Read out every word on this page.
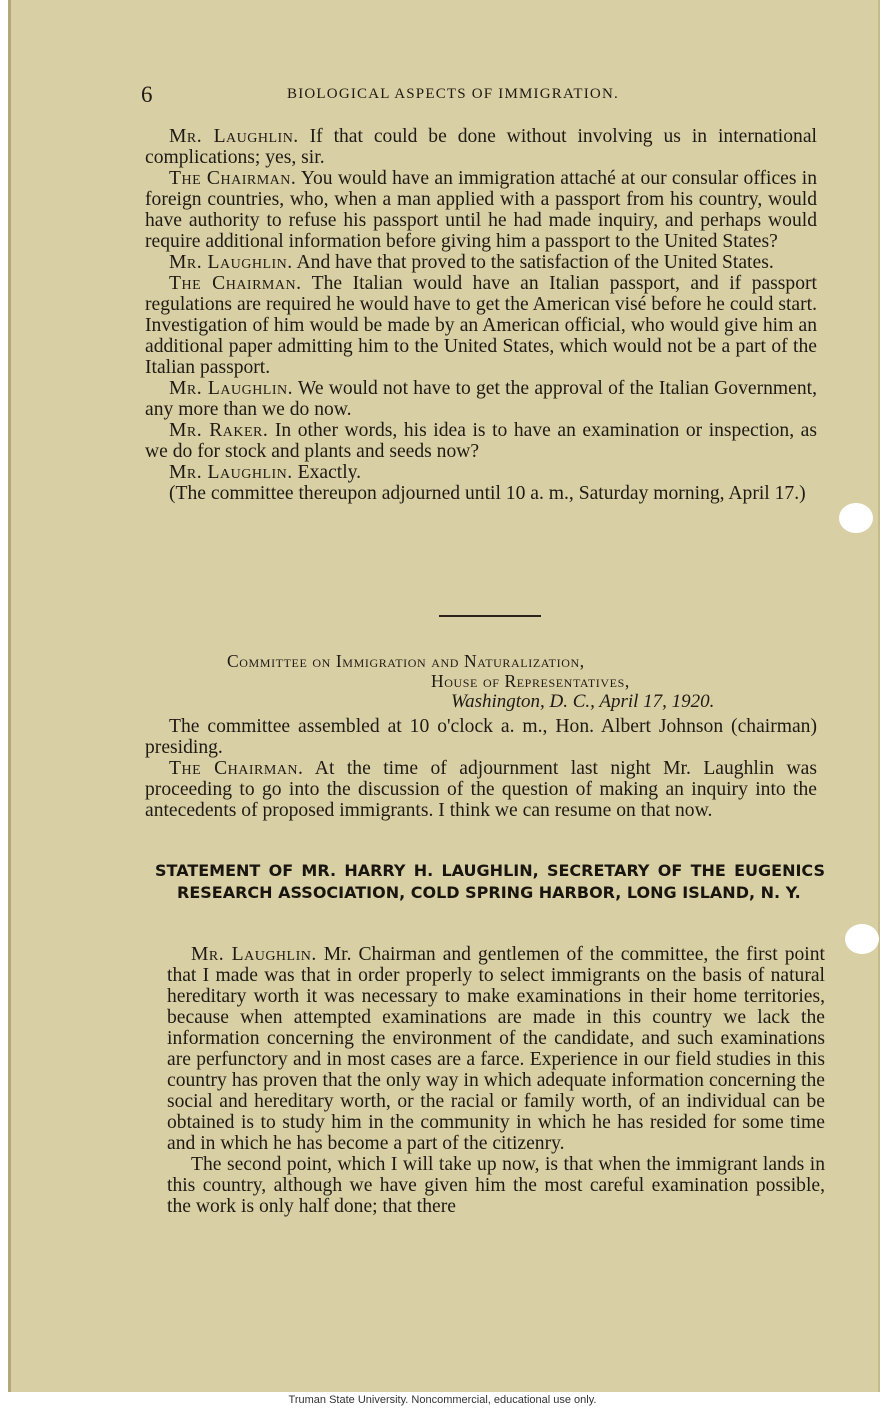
6	BIOLOGICAL ASPECTS OF IMMIGRATION.

Mr. Laughlin. If that could be done without involving us in international complications; yes, sir.

The Chairman. You would have an immigration attaché at our consular offices in foreign countries, who, when a man applied with a passport from his country, would have authority to refuse his passport until he had made inquiry, and perhaps would require additional information before giving him a passport to the United States?

Mr. Laughlin. And have that proved to the satisfaction of the United States.

The Chairman. The Italian would have an Italian passport, and if passport regulations are required he would have to get the American visé before he could start. Investigation of him would be made by an American official, who would give him an additional paper admitting him to the United States, which would not be a part of the Italian passport.

Mr. Laughlin. We would not have to get the approval of the Italian Government, any more than we do now.

Mr. Raker. In other words, his idea is to have an examination or inspection, as we do for stock and plants and seeds now?

Mr. Laughlin. Exactly.

(The committee thereupon adjourned until 10 a. m., Saturday morning, April 17.)

Committee on Immigration and Naturalization,
House of Representatives,
Washington, D. C., April 17, 1920.

The committee assembled at 10 o'clock a. m., Hon. Albert Johnson (chairman) presiding.

The Chairman. At the time of adjournment last night Mr. Laughlin was proceeding to go into the discussion of the question of making an inquiry into the antecedents of proposed immigrants. I think we can resume on that now.

STATEMENT OF MR. HARRY H. LAUGHLIN, SECRETARY OF THE EUGENICS RESEARCH ASSOCIATION, COLD SPRING HARBOR, LONG ISLAND, N. Y.

Mr. Laughlin. Mr. Chairman and gentlemen of the committee, the first point that I made was that in order properly to select immigrants on the basis of natural hereditary worth it was necessary to make examinations in their home territories, because when attempted examinations are made in this country we lack the information concerning the environment of the candidate, and such examinations are perfunctory and in most cases are a farce. Experience in our field studies in this country has proven that the only way in which adequate information concerning the social and hereditary worth, or the racial or family worth, of an individual can be obtained is to study him in the community in which he has resided for some time and in which he has become a part of the citizenry.

The second point, which I will take up now, is that when the immigrant lands in this country, although we have given him the most careful examination possible, the work is only half done; that there

Truman State University. Noncommercial, educational use only.
